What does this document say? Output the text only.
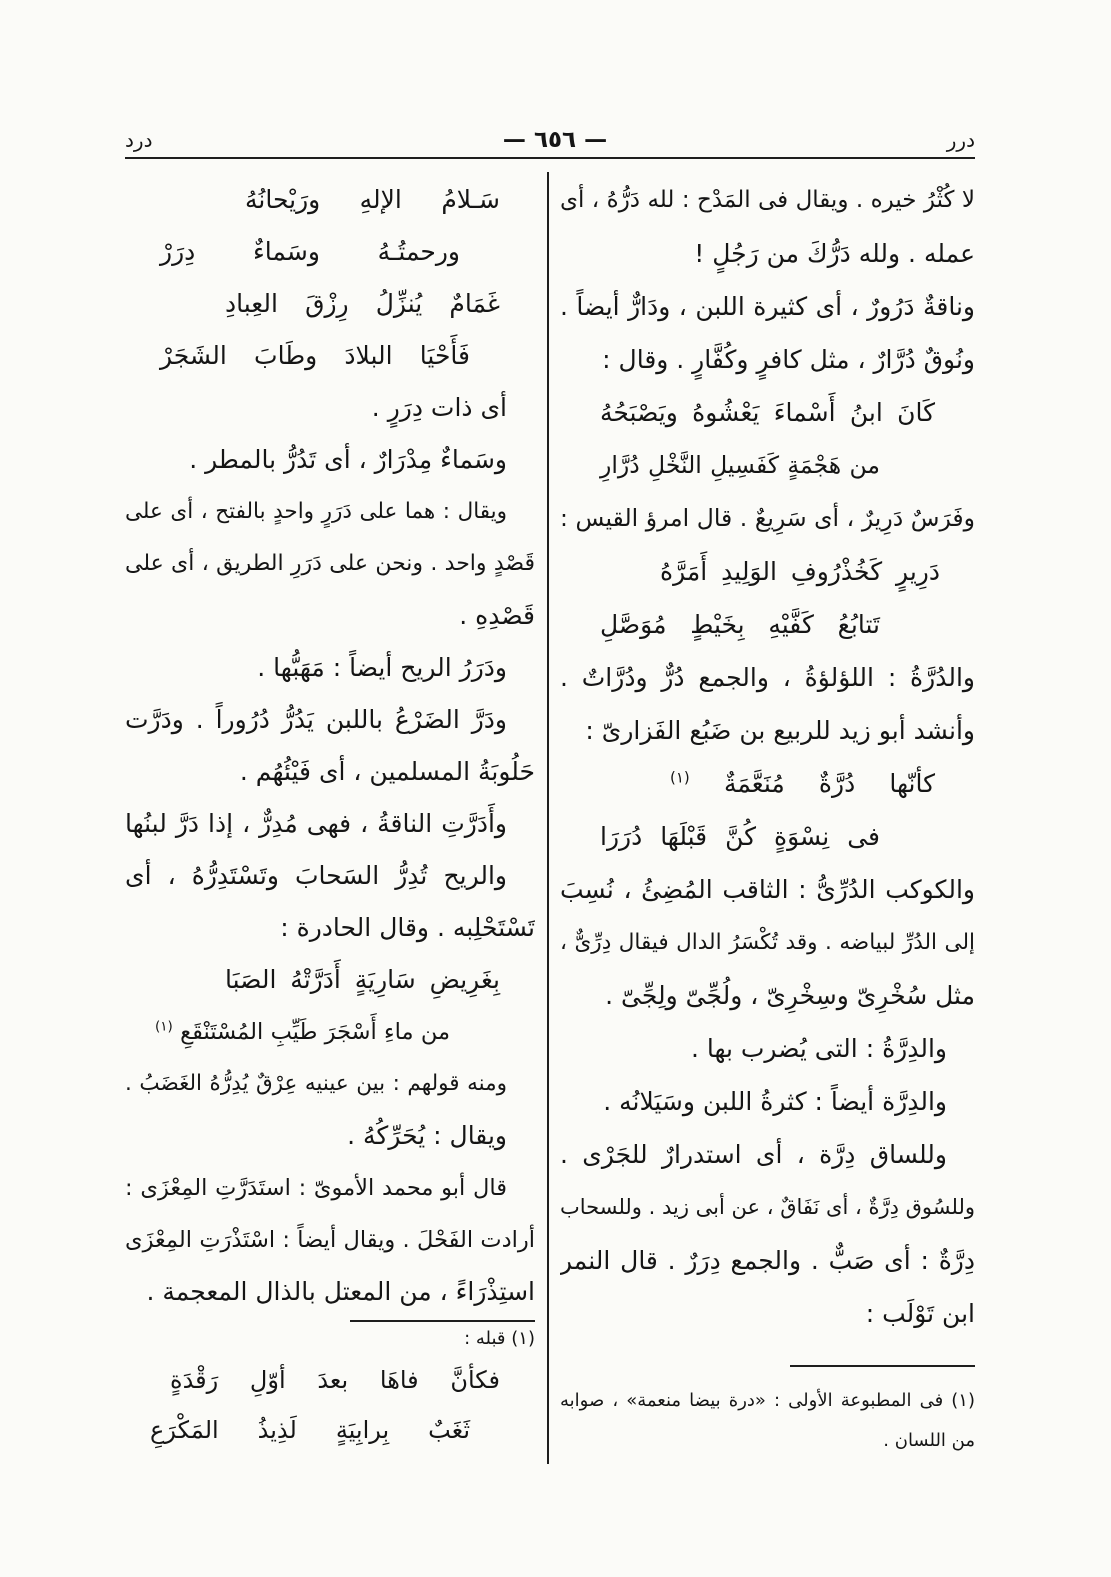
درر
— ٦٥٦ —
درد
لا كُثْرُ خيره . ويقال فى المَدْح : لله دَرُّهُ ، أى
عمله . ولله دَرُّكَ من رَجُلٍ !
وناقةٌ دَرُورٌ ، أى كثيرة اللبن ، ودَارٌّ أيضاً .
ونُوقٌ دُرَّارٌ ، مثل كافرٍ وكُفَّارٍ . وقال :
كَانَ ابنُ أَسْماءَ يَعْشُوهُ ويَصْبَحُهُ
من هَجْمَةٍ كَفَسِيلِ النَّخْلِ دُرَّارِ
وفَرَسٌ دَرِيرٌ ، أى سَرِيعٌ . قال امرؤ القيس :
دَرِيرٍ كَخُذْرُوفِ الوَلِيدِ أَمَرَّهُ
تَتابُعُ كَفَّيْهِ بِخَيْطٍ مُوَصَّلِ
والدُرَّةُ : اللؤلؤةُ ، والجمع دُرٌّ ودُرَّاتٌ .
وأنشد أبو زيد للربيع بن ضَبُع الفَزارىّ :
كأنّها دُرَّةٌ مُنَعَّمَةٌ $^{(١)}$
فى نِسْوَةٍ كُنَّ قَبْلَهَا دُرَرَا
والكوكب الدُرِّىُّ : الثاقب المُضِئُ ، نُسِبَ
إلى الدُرِّ لبياضه . وقد تُكْسَرُ الدال فيقال دِرِّىٌّ ،
مثل سُخْرِىّ وسِخْرِىّ ، ولُجِّىّ ولِجِّىّ .
والدِرَّةُ : التى يُضرب بها .
والدِرَّة أيضاً : كثرةُ اللبن وسَيَلانُه .
وللساق دِرَّة ، أى استدرارٌ للجَرْى .
وللسُوق دِرَّةٌ ، أى نَفَاقٌ ، عن أبى زيد . وللسحاب
دِرَّةٌ : أى صَبٌّ . والجمع دِرَرٌ . قال النمر
ابن تَوْلَب :
(١) فى المطبوعة الأولى : «درة بيضا منعمة» ، صوابه
من اللسان .
سَـلامُ الإلهِ ورَيْحانُهُ
ورحمتُـهُ وسَماءٌ دِرَرْ
غَمَامٌ يُنزِّلُ رِزْقَ العِبادِ
فَأَحْيَا البلادَ وطَابَ الشَجَرْ
أى ذات دِرَرٍ .
وسَماءٌ مِدْرَارٌ ، أى تَدُرُّ بالمطر .
ويقال : هما على دَرَرٍ واحدٍ بالفتح ، أى على
قَصْدٍ واحد . ونحن على دَرَرِ الطريق ، أى على
قَصْدِهِ .
ودَرَرُ الريح أيضاً : مَهَبُّها .
ودَرَّ الضَرْعُ باللبن يَدُرُّ دُرُوراً . ودَرَّت
حَلُوبَةُ المسلمين ، أى فَيْئُهُم .
وأَدَرَّتِ الناقةُ ، فهى مُدِرٌّ ، إذا دَرَّ لبنُها
والريح تُدِرُّ السَحابَ وتَسْتَدِرُّهُ ، أى
تَسْتَحْلِبه . وقال الحادرة :
بِغَرِيضِ سَارِيَةٍ أَدَرَّتْهُ الصَبَا
من ماءِ أَسْجَرَ طَيِّبِ المُسْتَنْقَعِ $^{(١)}$
ومنه قولهم : بين عينيه عِرْقٌ يُدِرُّهُ الغَضَبُ .
ويقال : يُحَرِّكُهُ .
قال أبو محمد الأموىّ : استَدَرَّتِ المِعْزَى :
أرادت الفَحْلَ . ويقال أيضاً : اسْتَذْرَتِ المِعْزَى
استِذْرَاءً ، من المعتل بالذال المعجمة .
(١) قبله :
فكأنَّ فاهَا بعدَ أوّلِ رَقْدَةٍ
ثَغَبٌ بِرابِيَةٍ لَذِيذُ المَكْرَعِ
